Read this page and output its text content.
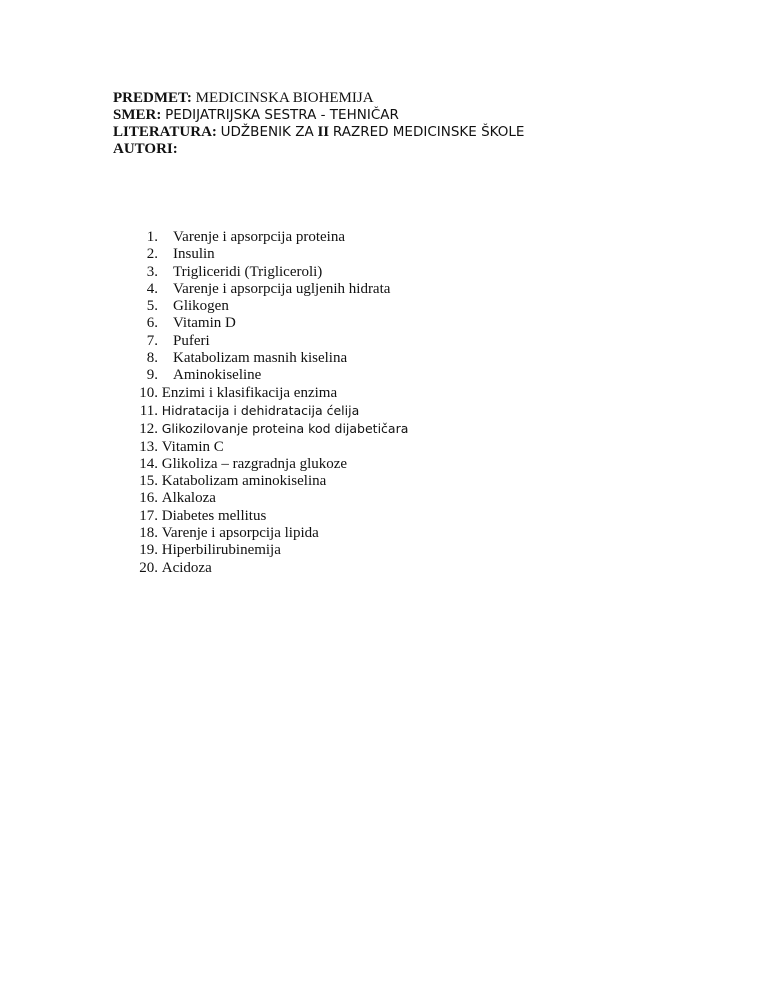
PREDMET: MEDICINSKA BIOHEMIJA
SMER: PEDIJATRIJSKA SESTRA - TEHNIČAR
LITERATURA: UDŽBENIK ZA II RAZRED MEDICINSKE ŠKOLE
AUTORI:
1. Varenje i apsorpcija proteina
2. Insulin
3. Trigliceridi (Trigliceroli)
4. Varenje i apsorpcija ugljenih hidrata
5. Glikogen
6. Vitamin D
7. Puferi
8. Katabolizam masnih kiselina
9. Aminokiseline
10. Enzimi i klasifikacija enzima
11. Hidratacija i dehidratacija ćelija
12. Glikozilovanje proteina kod dijabetičara
13. Vitamin C
14. Glikoliza – razgradnja glukoze
15. Katabolizam aminokiselina
16. Alkaloza
17. Diabetes mellitus
18. Varenje i apsorpcija lipida
19. Hiperbilirubinemija
20. Acidoza
